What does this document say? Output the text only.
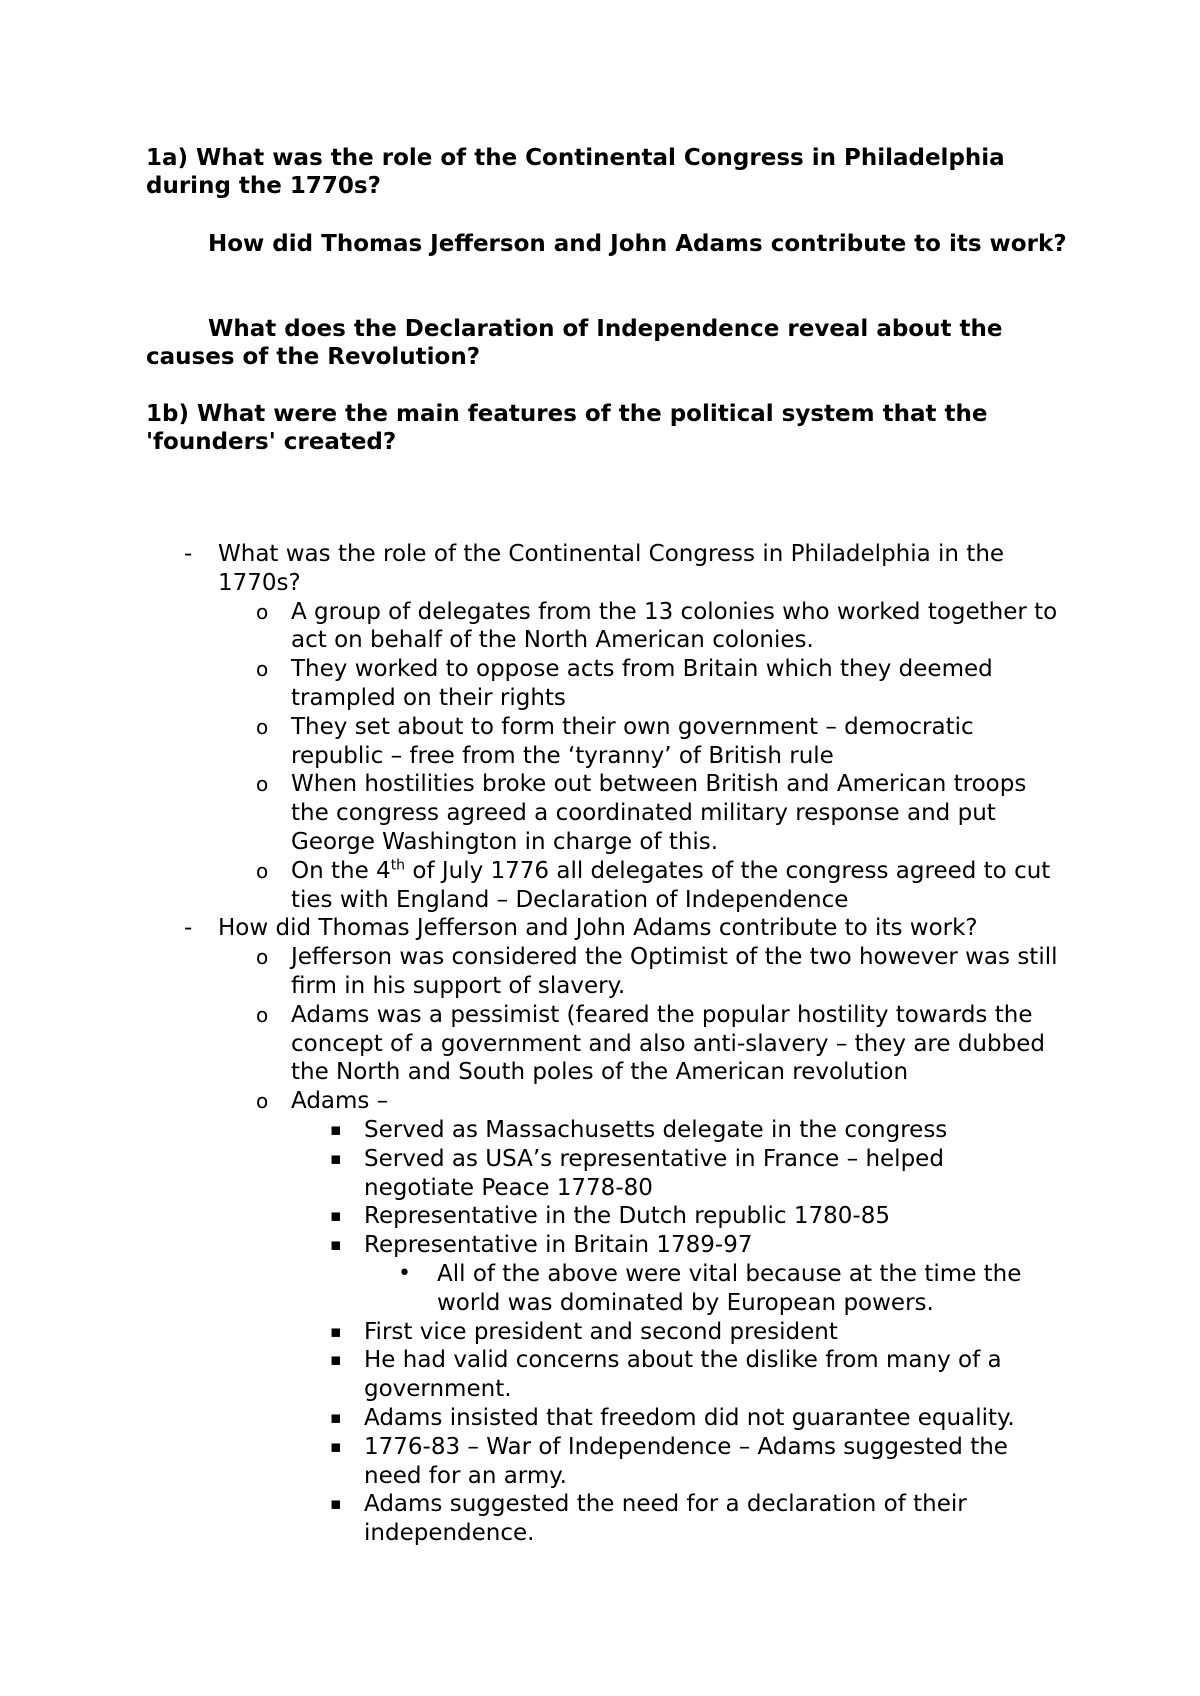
1a) What was the role of the Continental Congress in Philadelphia during the 1770s?

How did Thomas Jefferson and John Adams contribute to its work?

What does the Declaration of Independence reveal about the causes of the Revolution?

1b) What were the main features of the political system that the 'founders' created?

- What was the role of the Continental Congress in Philadelphia in the 1770s?

o A group of delegates from the 13 colonies who worked together to act on behalf of the North American colonies.

o They worked to oppose acts from Britain which they deemed trampled on their rights

o They set about to form their own government – democratic republic – free from the ‘tyranny’ of British rule

o When hostilities broke out between British and American troops the congress agreed a coordinated military response and put George Washington in charge of this.

o On the 4th of July 1776 all delegates of the congress agreed to cut ties with England – Declaration of Independence

- How did Thomas Jefferson and John Adams contribute to its work?

o Jefferson was considered the Optimist of the two however was still firm in his support of slavery.

o Adams was a pessimist (feared the popular hostility towards the concept of a government and also anti-slavery – they are dubbed the North and South poles of the American revolution

o Adams –

▪ Served as Massachusetts delegate in the congress

▪ Served as USA’s representative in France – helped negotiate Peace 1778-80

▪ Representative in the Dutch republic 1780-85

▪ Representative in Britain 1789-97

• All of the above were vital because at the time the world was dominated by European powers.

▪ First vice president and second president

▪ He had valid concerns about the dislike from many of a government.

▪ Adams insisted that freedom did not guarantee equality.

▪ 1776-83 – War of Independence – Adams suggested the need for an army.

▪ Adams suggested the need for a declaration of their independence.
